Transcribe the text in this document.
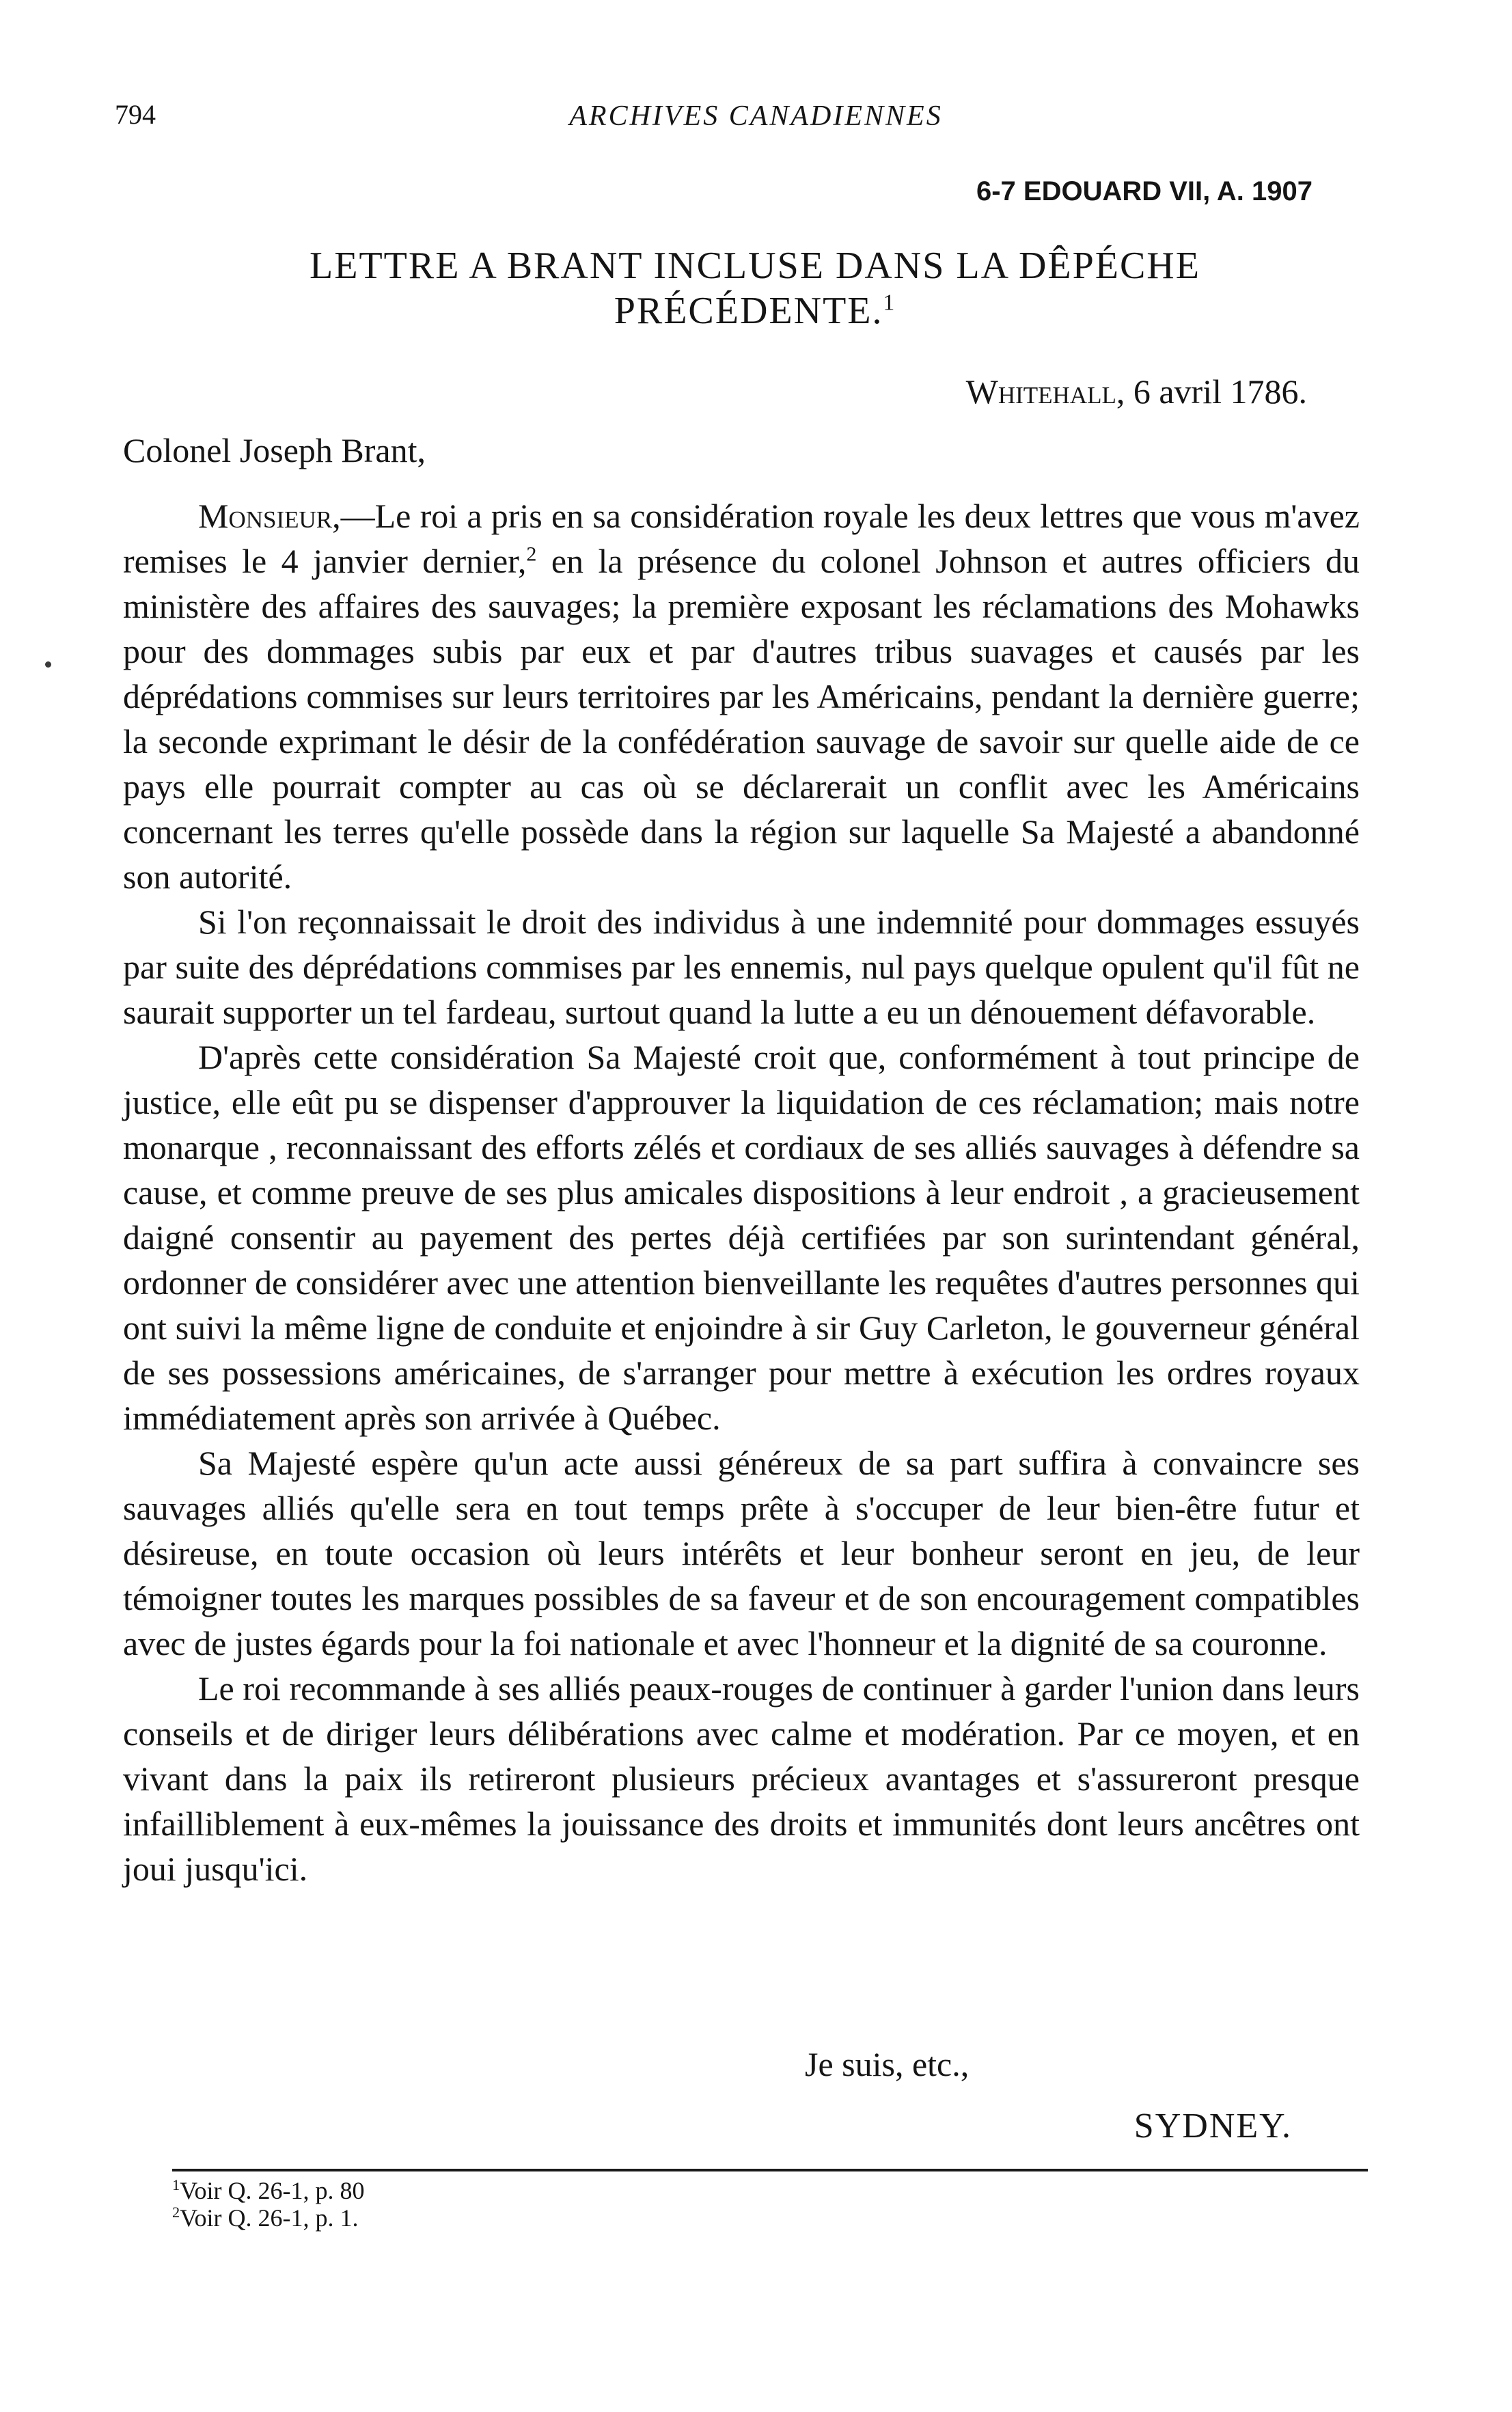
794	ARCHIVES CANADIENNES
6-7 EDOUARD VII, A. 1907
LETTRE A BRANT INCLUSE DANS LA DÊPÉCHE
PRÉCÉDENTE.$^1$
Whitehall, 6 avril 1786.
Colonel Joseph Brant,

Monsieur,—Le roi a pris en sa considération royale les deux lettres que vous m'avez remises le 4 janvier dernier,$^2$ en la présence du colonel Johnson et autres officiers du ministère des affaires des sauvages; la première exposant les réclamations des Mohawks pour des dommages subis par eux et par d'autres tribus suavages et causés par les déprédations commises sur leurs territoires par les Américains, pendant la dernière guerre; la seconde exprimant le désir de la confédération sauvage de savoir sur quelle aide de ce pays elle pourrait compter au cas où se déclarerait un conflit avec les Américains concernant les terres qu'elle possède dans la région sur laquelle Sa Majesté a abandonné son autorité.

Si l'on reçonnaissait le droit des individus à une indemnité pour dommages essuyés par suite des déprédations commises par les ennemis, nul pays quelque opulent qu'il fût ne saurait supporter un tel fardeau, surtout quand la lutte a eu un dénouement défavorable.

D'après cette considération Sa Majesté croit que, conformément à tout principe de justice, elle eût pu se dispenser d'approuver la liquidation de ces réclamation; mais notre monarque , reconnaissant des efforts zélés et cordiaux de ses alliés sauvages à défendre sa cause, et comme preuve de ses plus amicales dispositions à leur endroit , a gracieusement daigné consentir au payement des pertes déjà certifiées par son surintendant général, ordonner de considérer avec une attention bienveillante les requêtes d'autres personnes qui ont suivi la même ligne de conduite et enjoindre à sir Guy Carleton, le gouverneur général de ses possessions américaines, de s'arranger pour mettre à exécution les ordres royaux immédiatement après son arrivée à Québec.

Sa Majesté espère qu'un acte aussi généreux de sa part suffira à convaincre ses sauvages alliés qu'elle sera en tout temps prête à s'occuper de leur bien-être futur et désireuse, en toute occasion où leurs intérêts et leur bonheur seront en jeu, de leur témoigner toutes les marques possibles de sa faveur et de son encouragement compatibles avec de justes égards pour la foi nationale et avec l'honneur et la dignité de sa couronne.

Le roi recommande à ses alliés peaux-rouges de continuer à garder l'union dans leurs conseils et de diriger leurs délibérations avec calme et modération. Par ce moyen, et en vivant dans la paix ils retireront plusieurs précieux avantages et s'assureront presque infailliblement à eux-mêmes la jouissance des droits et immunités dont leurs ancêtres ont joui jusqu'ici.

Je suis, etc.,
SYDNEY.
$^1$Voir Q. 26-1, p. 80
$^2$Voir Q. 26-1, p. 1.
